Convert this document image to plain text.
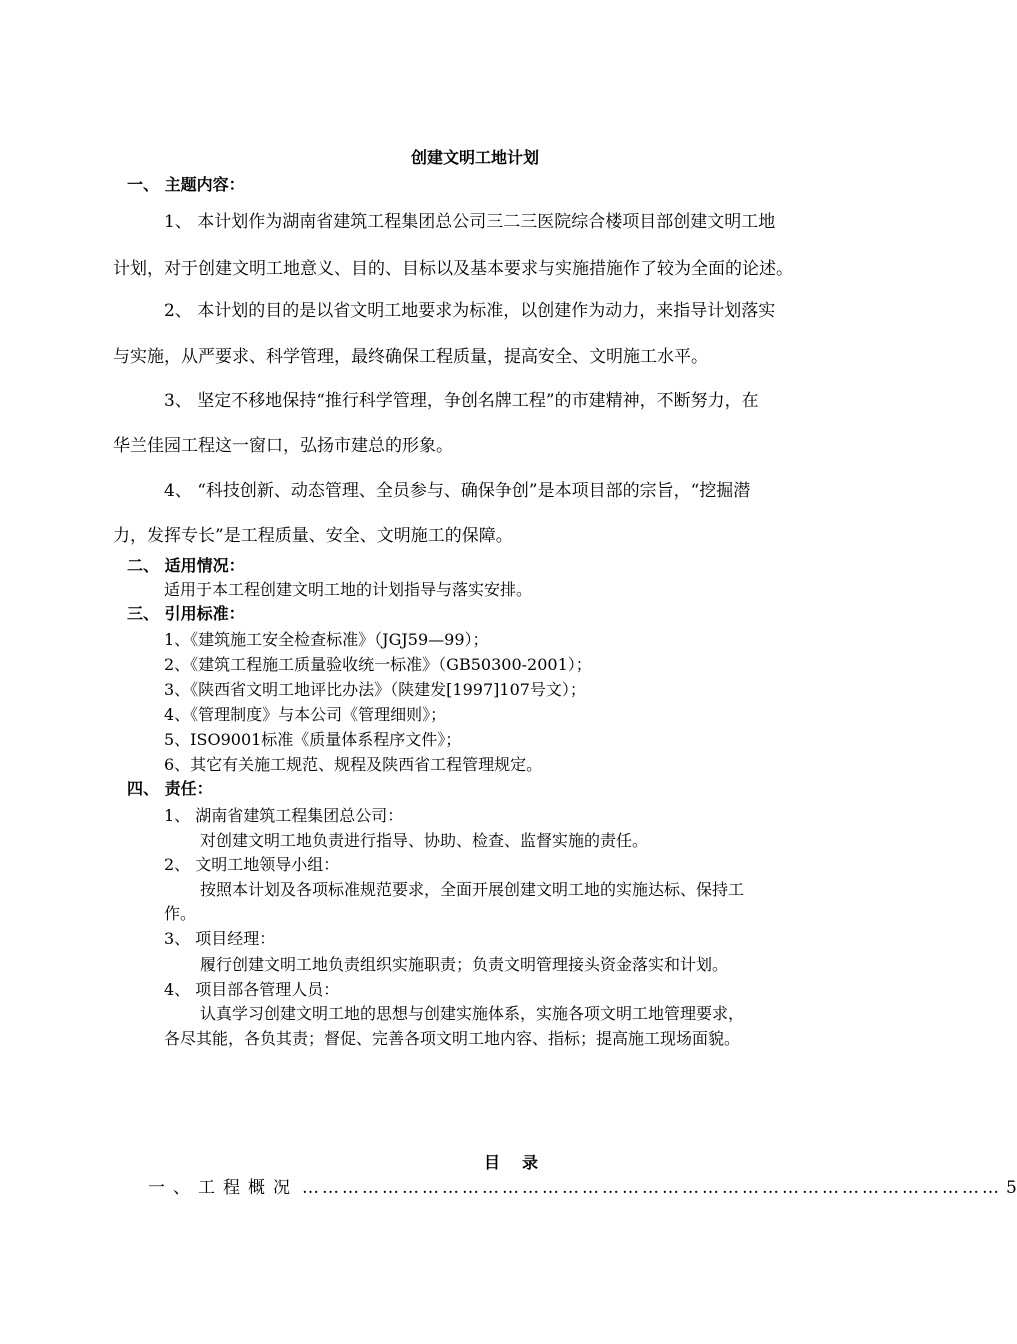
创建文明工地计划
一、 主题内容：
1、 本计划作为湖南省建筑工程集团总公司三二三医院综合楼项目部创建文明工地
计划，对于创建文明工地意义、目的、目标以及基本要求与实施措施作了较为全面的论述。
2、 本计划的目的是以省文明工地要求为标准，以创建作为动力，来指导计划落实
与实施，从严要求、科学管理，最终确保工程质量，提高安全、文明施工水平。
3、 坚定不移地保持“推行科学管理，争创名牌工程”的市建精神，不断努力，在
华兰佳园工程这一窗口，弘扬市建总的形象。
4、 “科技创新、动态管理、全员参与、确保争创”是本项目部的宗旨，“挖掘潜
力，发挥专长”是工程质量、安全、文明施工的保障。
二、 适用情况：
适用于本工程创建文明工地的计划指导与落实安排。
三、 引用标准：
1、《建筑施工安全检查标准》（JGJ59—99）；
2、《建筑工程施工质量验收统一标准》（GB50300-2001）；
3、《陕西省文明工地评比办法》（陕建发[1997]107号文）；
4、《管理制度》与本公司《管理细则》；
5、ISO9001标准《质量体系程序文件》；
6、其它有关施工规范、规程及陕西省工程管理规定。
四、 责任：
1、 湖南省建筑工程集团总公司：
对创建文明工地负责进行指导、协助、检查、监督实施的责任。
2、 文明工地领导小组：
按照本计划及各项标准规范要求，全面开展创建文明工地的实施达标、保持工
作。
3、 项目经理：
履行创建文明工地负责组织实施职责；负责文明管理接头资金落实和计划。
4、 项目部各管理人员：
认真学习创建文明工地的思想与创建实施体系，实施各项文明工地管理要求，
各尽其能，各负其责；督促、完善各项文明工地内容、指标；提高施工现场面貌。
目录
一、工程概况 …………………………………………………………………………………………… 5
